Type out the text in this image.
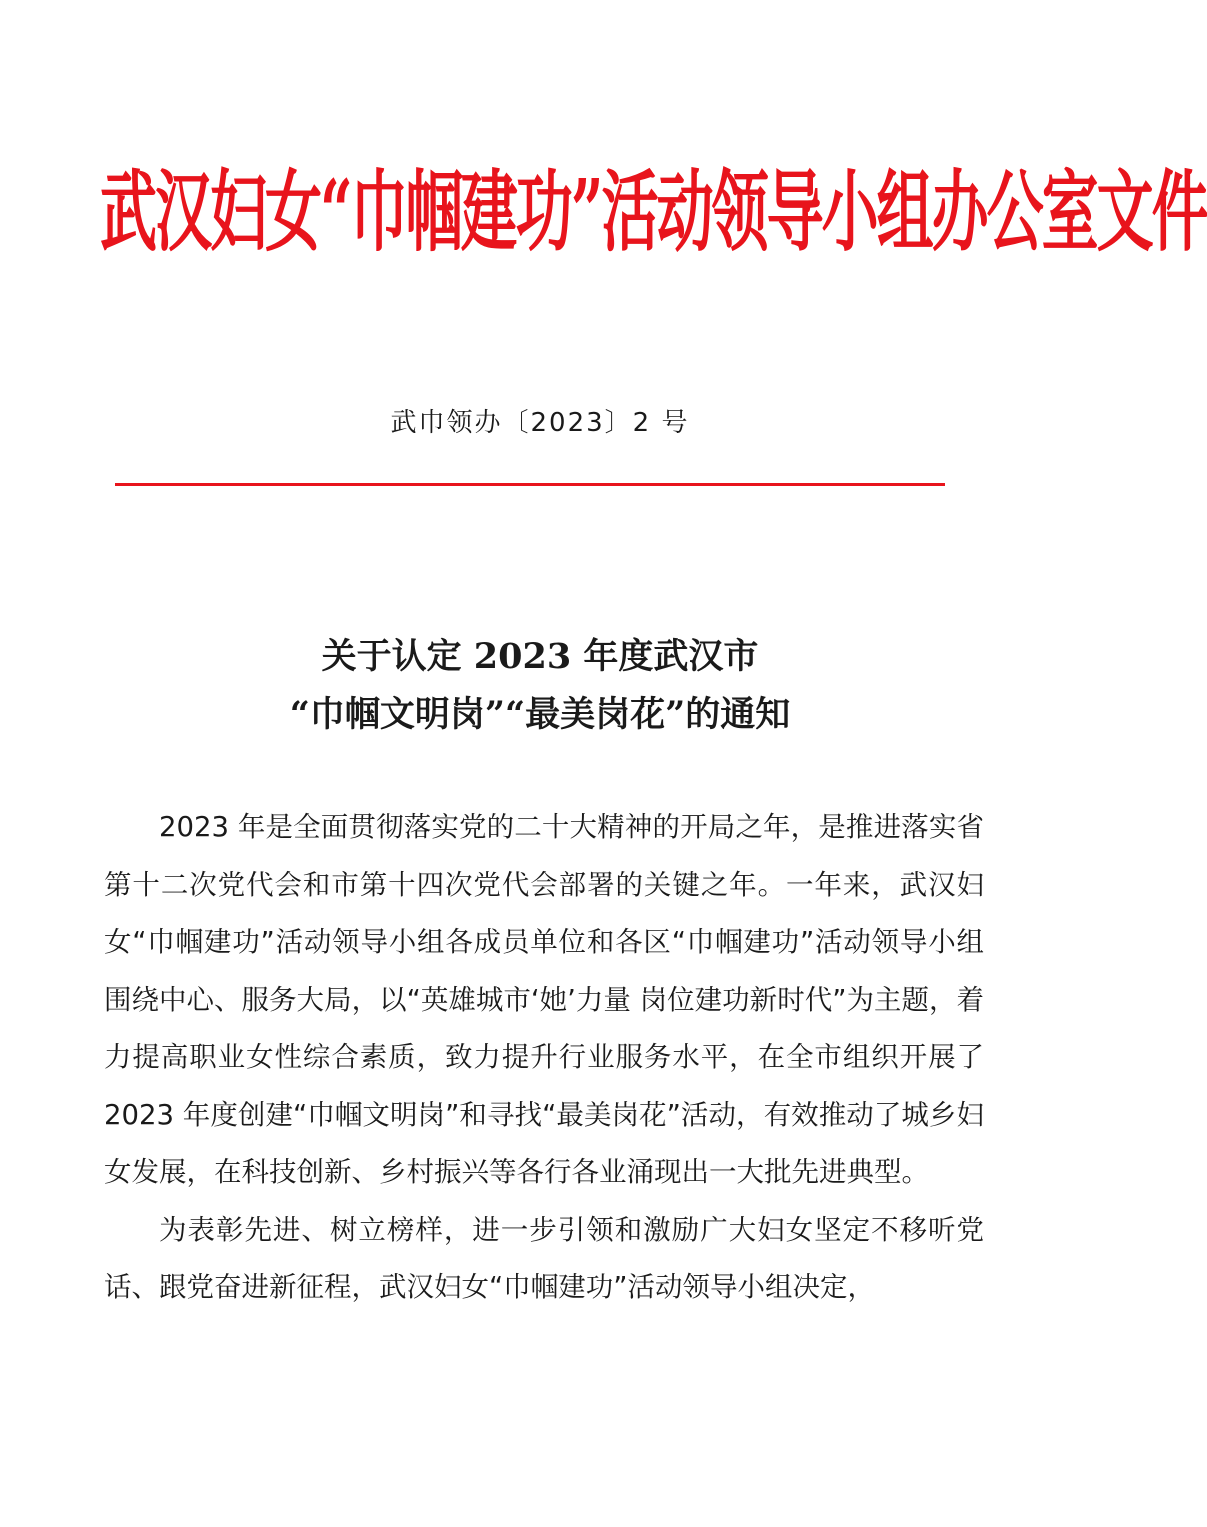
武汉妇女“巾帼建功”活动领导小组办公室文件
武巾领办〔2023〕2 号
关于认定 2023 年度武汉市
“巾帼文明岗”“最美岗花”的通知

2023 年是全面贯彻落实党的二十大精神的开局之年，是推进落实省第十二次党代会和市第十四次党代会部署的关键之年。一年来，武汉妇女“巾帼建功”活动领导小组各成员单位和各区“巾帼建功”活动领导小组围绕中心、服务大局，以“英雄城市‘她’力量 岗位建功新时代”为主题，着力提高职业女性综合素质，致力提升行业服务水平，在全市组织开展了 2023 年度创建“巾帼文明岗”和寻找“最美岗花”活动，有效推动了城乡妇女发展，在科技创新、乡村振兴等各行各业涌现出一大批先进典型。

为表彰先进、树立榜样，进一步引领和激励广大妇女坚定不移听党话、跟党奋进新征程，武汉妇女“巾帼建功”活动领导小组决定，
